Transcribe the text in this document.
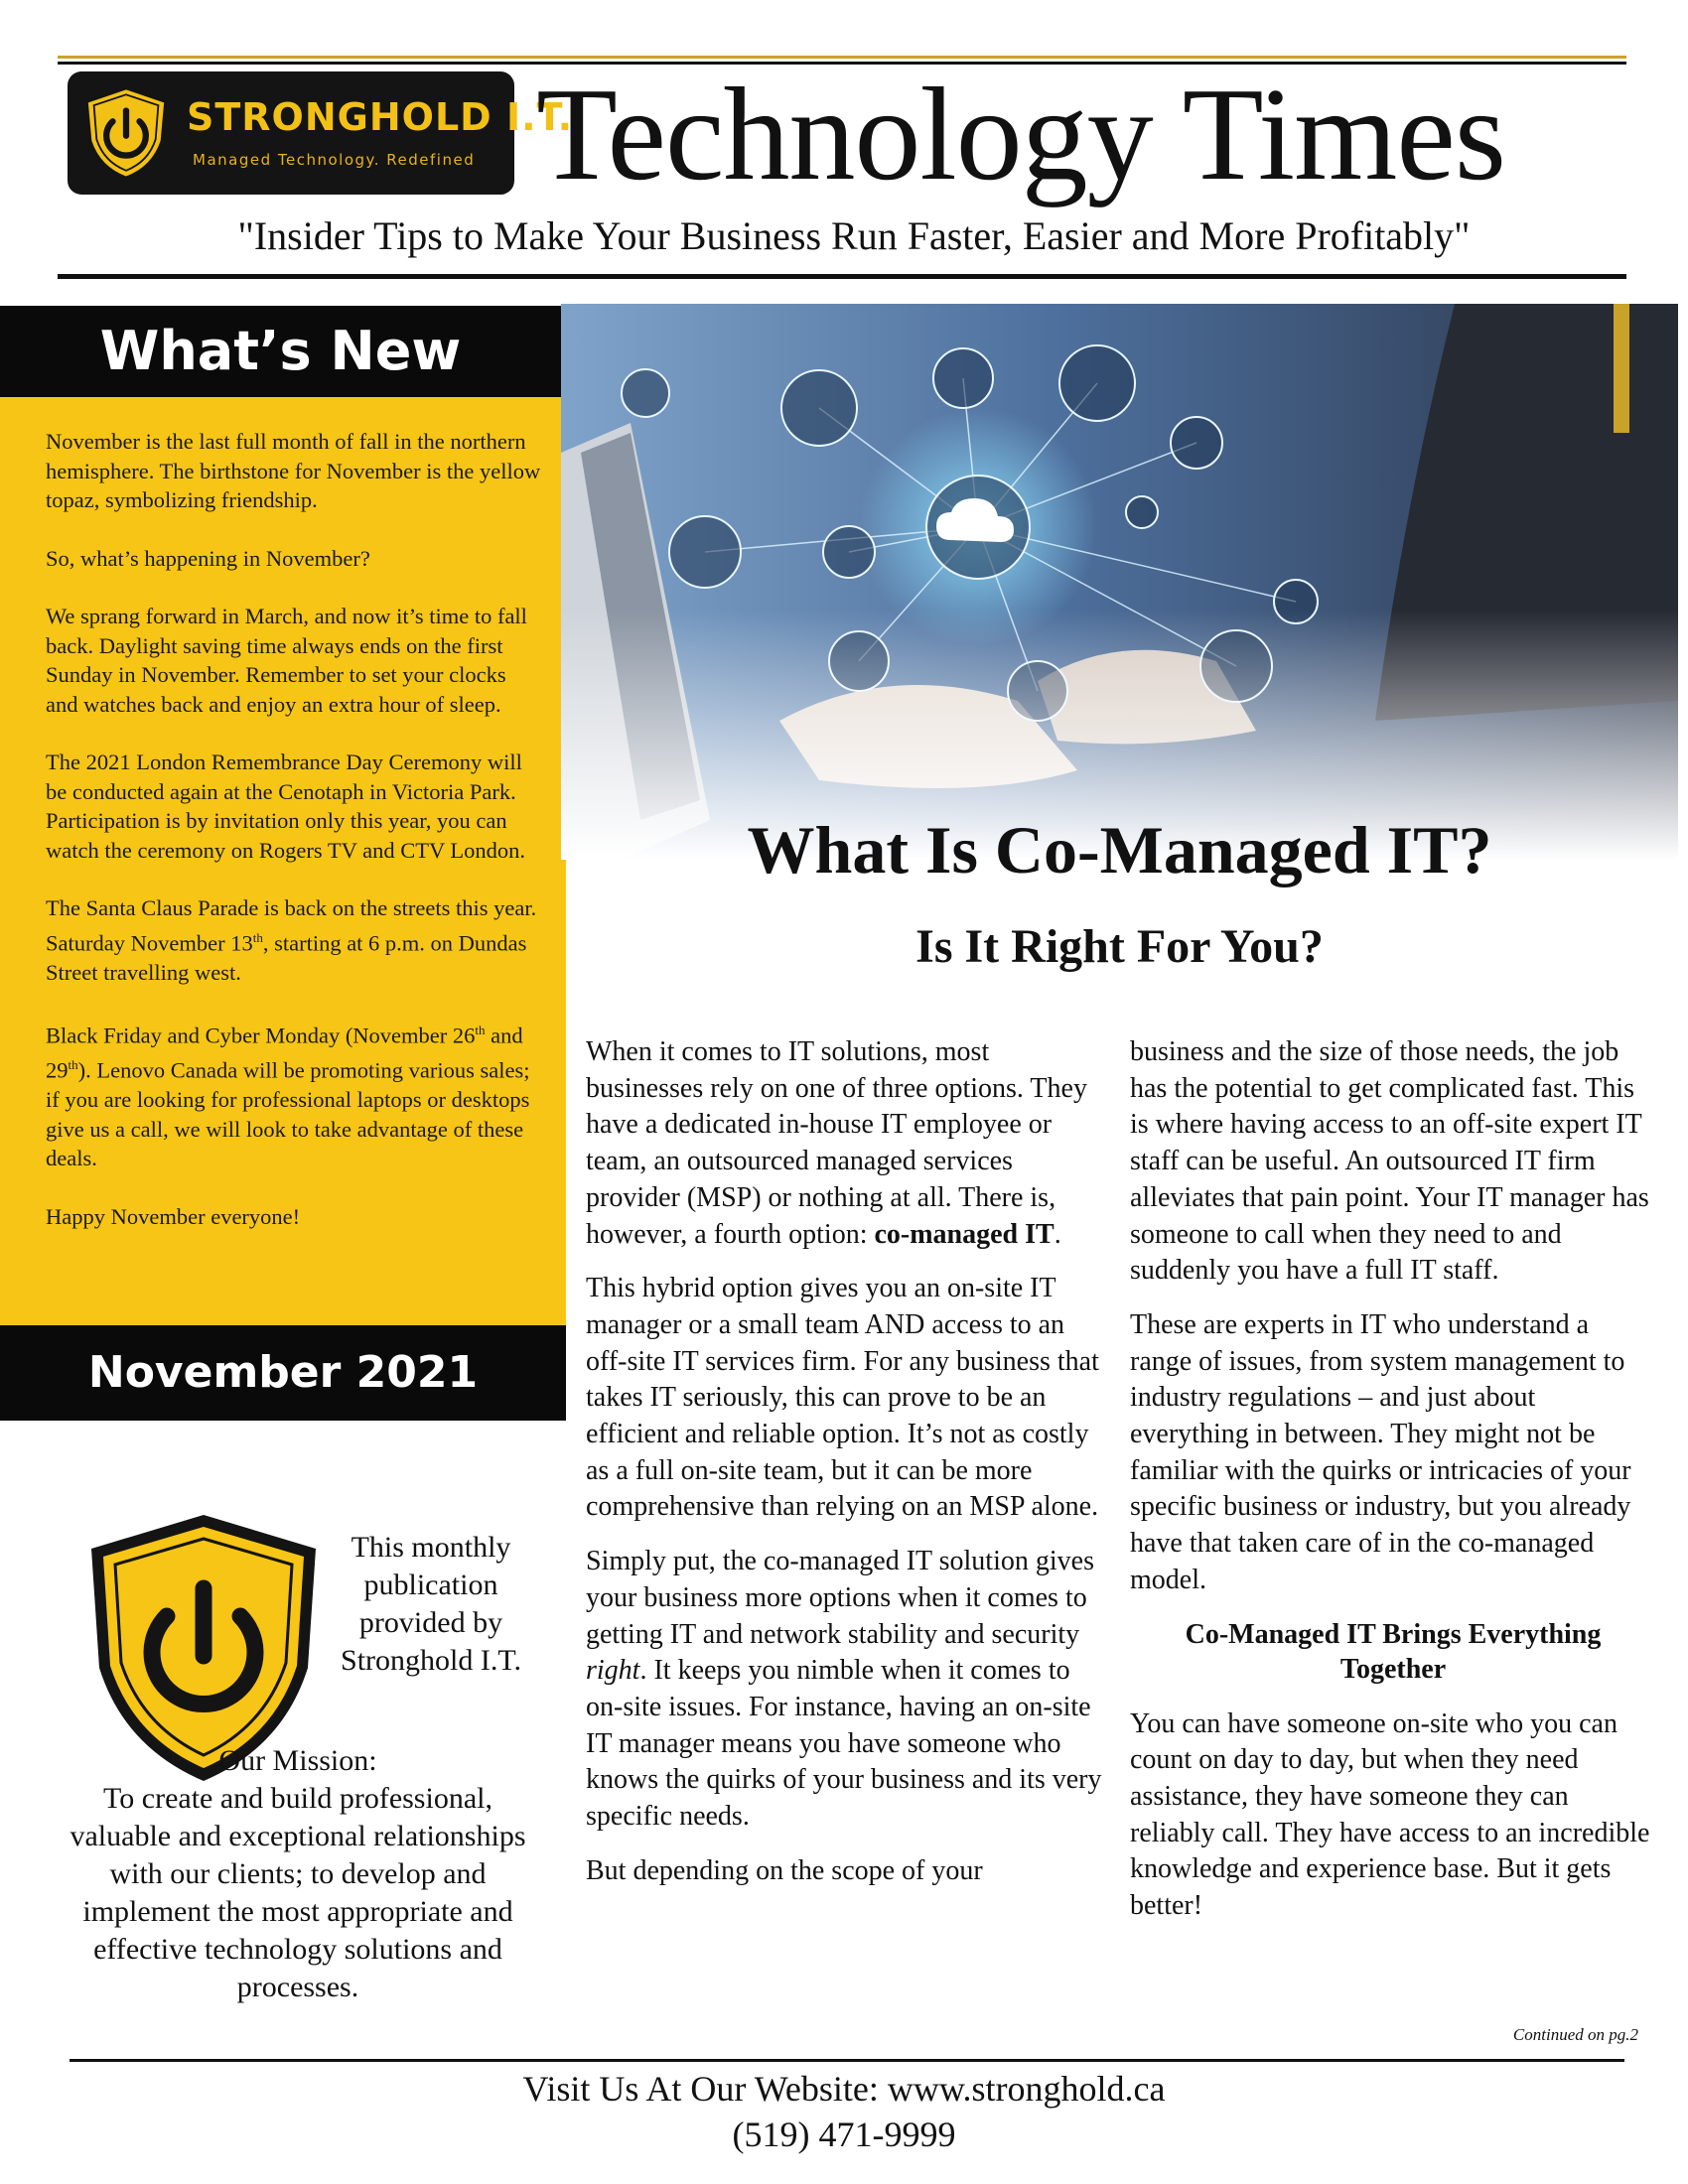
STRONGHOLD I.T.
Managed Technology. Redefined Technology Times
"Insider Tips to Make Your Business Run Faster, Easier and More Profitably"
What’s New

November is the last full month of fall in the northern hemisphere. The birthstone for November is the yellow topaz, symbolizing friendship.

So, what’s happening in November?

We sprang forward in March, and now it’s time to fall back. Daylight saving time always ends on the first Sunday in November. Remember to set your clocks and watches back and enjoy an extra hour of sleep.

The 2021 London Remembrance Day Ceremony will be conducted again at the Cenotaph in Victoria Park. Participation is by invitation only this year, you can watch the ceremony on Rogers TV and CTV London.

The Santa Claus Parade is back on the streets this year. Saturday November 13th, starting at 6 p.m. on Dundas Street travelling west.

Black Friday and Cyber Monday (November 26th and 29th). Lenovo Canada will be promoting various sales; if you are looking for professional laptops or desktops give us a call, we will look to take advantage of these deals.

Happy November everyone!

November 2021
This monthly publication provided by Stronghold I.T.
Our Mission:
To create and build professional, valuable and exceptional relationships with our clients; to develop and implement the most appropriate and effective technology solutions and processes.
What Is Co-Managed IT?
Is It Right For You?

When it comes to IT solutions, most businesses rely on one of three options. They have a dedicated in-house IT employee or team, an outsourced managed services provider (MSP) or nothing at all. There is, however, a fourth option: co-managed IT.

This hybrid option gives you an on-site IT manager or a small team AND access to an off-site IT services firm. For any business that takes IT seriously, this can prove to be an efficient and reliable option. It’s not as costly as a full on-site team, but it can be more comprehensive than relying on an MSP alone.

Simply put, the co-managed IT solution gives your business more options when it comes to getting IT and network stability and security right. It keeps you nimble when it comes to on-site issues. For instance, having an on-site IT manager means you have someone who knows the quirks of your business and its very specific needs.

But depending on the scope of your

business and the size of those needs, the job has the potential to get complicated fast. This is where having access to an off-site expert IT staff can be useful. An outsourced IT firm alleviates that pain point. Your IT manager has someone to call when they need to and suddenly you have a full IT staff.

These are experts in IT who understand a range of issues, from system management to industry regulations – and just about everything in between. They might not be familiar with the quirks or intricacies of your specific business or industry, but you already have that taken care of in the co-managed model.

Co-Managed IT Brings Everything Together

You can have someone on-site who you can count on day to day, but when they need assistance, they have someone they can reliably call. They have access to an incredible knowledge and experience base. But it gets better!

Continued on pg.2
Visit Us At Our Website: www.stronghold.ca
(519) 471-9999
